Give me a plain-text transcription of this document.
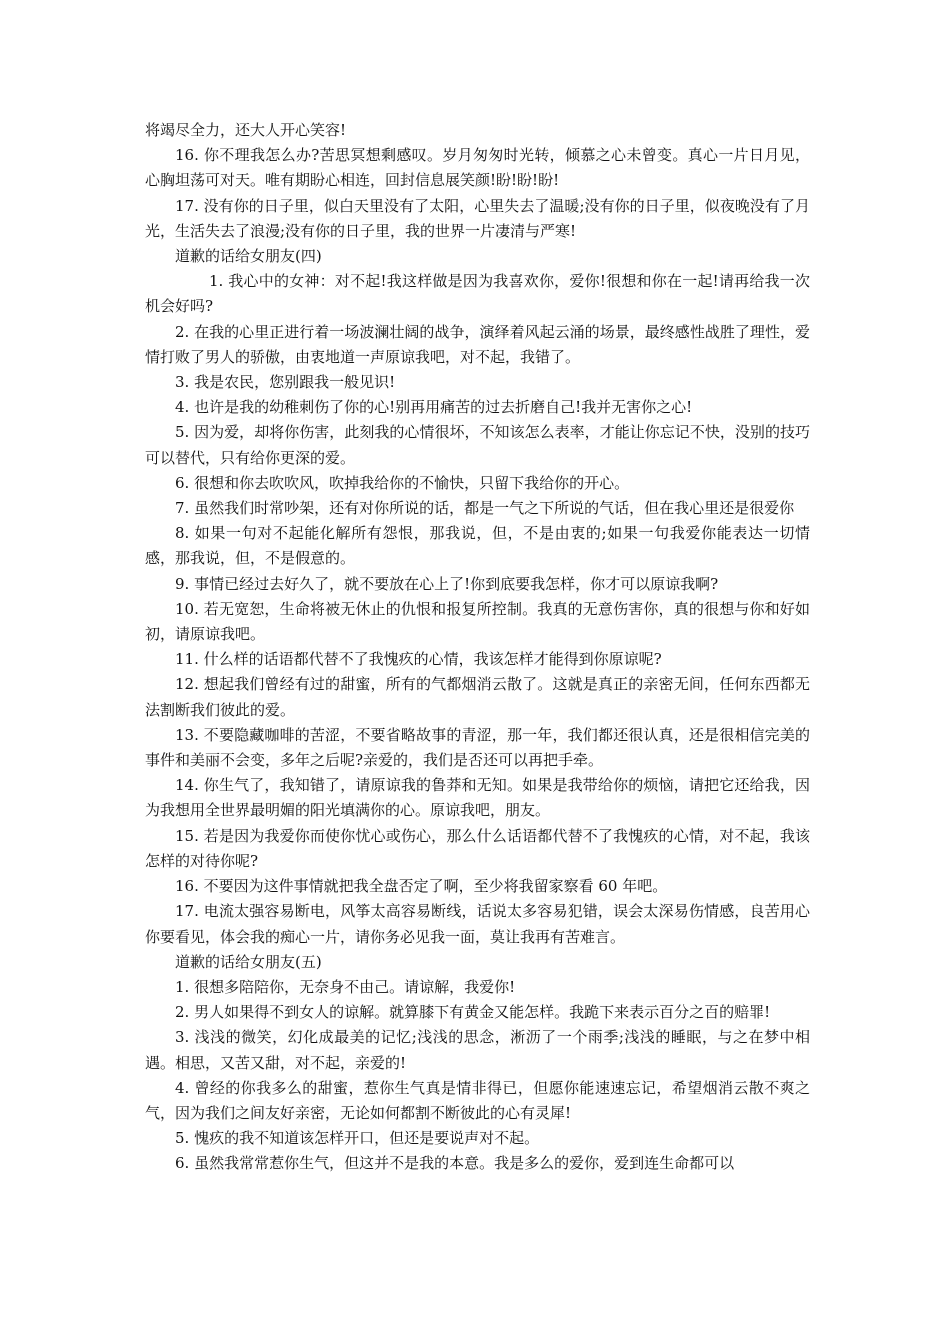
将竭尽全力，还大人开心笑容!

16. 你不理我怎么办?苦思冥想剩感叹。岁月匆匆时光转，倾慕之心未曾变。真心一片日月见，心胸坦荡可对天。唯有期盼心相连，回封信息展笑颜!盼!盼!盼!

17. 没有你的日子里，似白天里没有了太阳，心里失去了温暖;没有你的日子里，似夜晚没有了月光，生活失去了浪漫;没有你的日子里，我的世界一片凄清与严寒!

道歉的话给女朋友(四)

1. 我心中的女神：对不起!我这样做是因为我喜欢你，爱你!很想和你在一起!请再给我一次机会好吗?

2. 在我的心里正进行着一场波澜壮阔的战争，演绎着风起云涌的场景，最终感性战胜了理性，爱情打败了男人的骄傲，由衷地道一声原谅我吧，对不起，我错了。

3. 我是农民，您别跟我一般见识!

4. 也许是我的幼稚刺伤了你的心!别再用痛苦的过去折磨自己!我并无害你之心!

5. 因为爱，却将你伤害，此刻我的心情很坏，不知该怎么表率，才能让你忘记不快，没别的技巧可以替代，只有给你更深的爱。

6. 很想和你去吹吹风，吹掉我给你的不愉快，只留下我给你的开心。

7. 虽然我们时常吵架，还有对你所说的话，都是一气之下所说的气话，但在我心里还是很爱你

8. 如果一句对不起能化解所有怨恨，那我说，但，不是由衷的;如果一句我爱你能表达一切情感，那我说，但，不是假意的。

9. 事情已经过去好久了，就不要放在心上了!你到底要我怎样，你才可以原谅我啊?

10. 若无宽恕，生命将被无休止的仇恨和报复所控制。我真的无意伤害你，真的很想与你和好如初，请原谅我吧。

11. 什么样的话语都代替不了我愧疚的心情，我该怎样才能得到你原谅呢?

12. 想起我们曾经有过的甜蜜，所有的气都烟消云散了。这就是真正的亲密无间，任何东西都无法割断我们彼此的爱。

13. 不要隐藏咖啡的苦涩，不要省略故事的青涩，那一年，我们都还很认真，还是很相信完美的事件和美丽不会变，多年之后呢?亲爱的，我们是否还可以再把手牵。

14. 你生气了，我知错了，请原谅我的鲁莽和无知。如果是我带给你的烦恼，请把它还给我，因为我想用全世界最明媚的阳光填满你的心。原谅我吧，朋友。

15. 若是因为我爱你而使你忧心或伤心，那么什么话语都代替不了我愧疚的心情，对不起，我该怎样的对待你呢?

16. 不要因为这件事情就把我全盘否定了啊，至少将我留家察看 60 年吧。

17. 电流太强容易断电，风筝太高容易断线，话说太多容易犯错，误会太深易伤情感，良苦用心你要看见，体会我的痴心一片，请你务必见我一面，莫让我再有苦难言。

道歉的话给女朋友(五)

1. 很想多陪陪你，无奈身不由己。请谅解，我爱你!

2. 男人如果得不到女人的谅解。就算膝下有黄金又能怎样。我跪下来表示百分之百的赔罪!

3. 浅浅的微笑，幻化成最美的记忆;浅浅的思念，淅沥了一个雨季;浅浅的睡眠，与之在梦中相遇。相思，又苦又甜，对不起，亲爱的!

4. 曾经的你我多么的甜蜜，惹你生气真是情非得已，但愿你能速速忘记，希望烟消云散不爽之气，因为我们之间友好亲密，无论如何都割不断彼此的心有灵犀!

5. 愧疚的我不知道该怎样开口，但还是要说声对不起。

6. 虽然我常常惹你生气，但这并不是我的本意。我是多么的爱你，爱到连生命都可以
